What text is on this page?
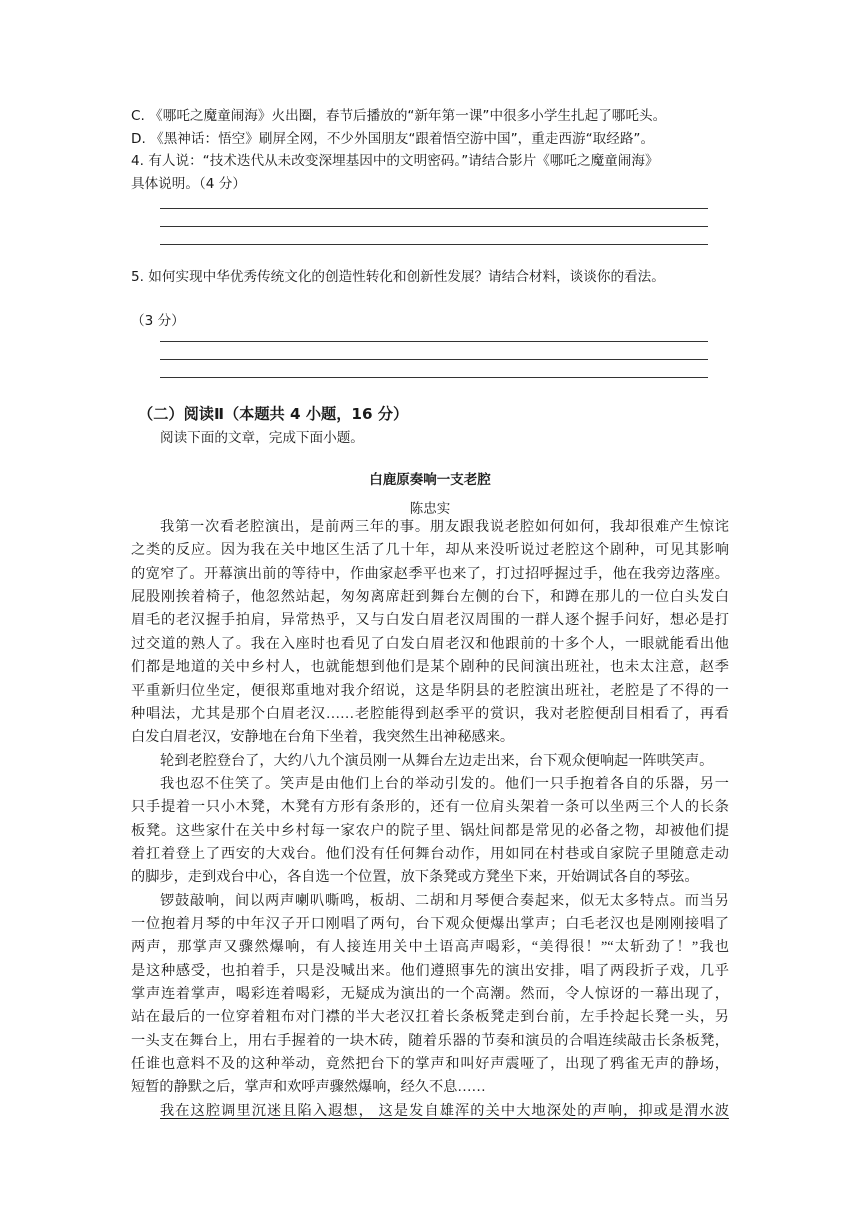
C. 《哪吒之魔童闹海》火出圈，春节后播放的“新年第一课”中很多小学生扎起了哪吒头。
D. 《黑神话：悟空》刷屏全网，不少外国朋友“跟着悟空游中国”，重走西游“取经路”。
4. 有人说：“技术迭代从未改变深埋基因中的文明密码。”请结合影片《哪吒之魔童闹海》
具体说明。（4 分）
5. 如何实现中华优秀传统文化的创造性转化和创新性发展？请结合材料，谈谈你的看法。
（3 分）
（二）阅读Ⅱ（本题共 4 小题，16 分）
阅读下面的文章，完成下面小题。
白鹿原奏响一支老腔
陈忠实
我第一次看老腔演出，是前两三年的事。朋友跟我说老腔如何如何，我却很难产生惊诧
之类的反应。因为我在关中地区生活了几十年，却从来没听说过老腔这个剧种，可见其影响
的宽窄了。开幕演出前的等待中，作曲家赵季平也来了，打过招呼握过手，他在我旁边落座。
屁股刚挨着椅子，他忽然站起，匆匆离席赶到舞台左侧的台下，和蹲在那儿的一位白头发白
眉毛的老汉握手拍肩，异常热乎，又与白发白眉老汉周围的一群人逐个握手问好，想必是打
过交道的熟人了。我在入座时也看见了白发白眉老汉和他跟前的十多个人，一眼就能看出他
们都是地道的关中乡村人，也就能想到他们是某个剧种的民间演出班社，也未太注意，赵季
平重新归位坐定，便很郑重地对我介绍说，这是华阴县的老腔演出班社，老腔是了不得的一
种唱法，尤其是那个白眉老汉……老腔能得到赵季平的赏识，我对老腔便刮目相看了，再看
白发白眉老汉，安静地在台角下坐着，我突然生出神秘感来。
轮到老腔登台了，大约八九个演员刚一从舞台左边走出来，台下观众便响起一阵哄笑声。
我也忍不住笑了。笑声是由他们上台的举动引发的。他们一只手抱着各自的乐器，另一
只手提着一只小木凳，木凳有方形有条形的，还有一位肩头架着一条可以坐两三个人的长条
板凳。这些家什在关中乡村每一家农户的院子里、锅灶间都是常见的必备之物，却被他们提
着扛着登上了西安的大戏台。他们没有任何舞台动作，用如同在村巷或自家院子里随意走动
的脚步，走到戏台中心，各自选一个位置，放下条凳或方凳坐下来，开始调试各自的琴弦。
锣鼓敲响，间以两声喇叭嘶鸣，板胡、二胡和月琴便合奏起来，似无太多特点。而当另
一位抱着月琴的中年汉子开口刚唱了两句，台下观众便爆出掌声；白毛老汉也是刚刚接唱了
两声，那掌声又骤然爆响，有人接连用关中土语高声喝彩，“美得很！”“太斩劲了！”我也
是这种感受，也拍着手，只是没喊出来。他们遵照事先的演出安排，唱了两段折子戏，几乎
掌声连着掌声，喝彩连着喝彩，无疑成为演出的一个高潮。然而，令人惊讶的一幕出现了，
站在最后的一位穿着粗布对门襟的半大老汉扛着长条板凳走到台前，左手拎起长凳一头，另
一头支在舞台上，用右手握着的一块木砖，随着乐器的节奏和演员的合唱连续敲击长条板凳，
任谁也意料不及的这种举动，竟然把台下的掌声和叫好声震哑了，出现了鸦雀无声的静场，
短暂的静默之后，掌声和欢呼声骤然爆响，经久不息……
我在这腔调里沉迷且陷入遐想， 这是发自雄浑的关中大地深处的声响，抑或是渭水波
